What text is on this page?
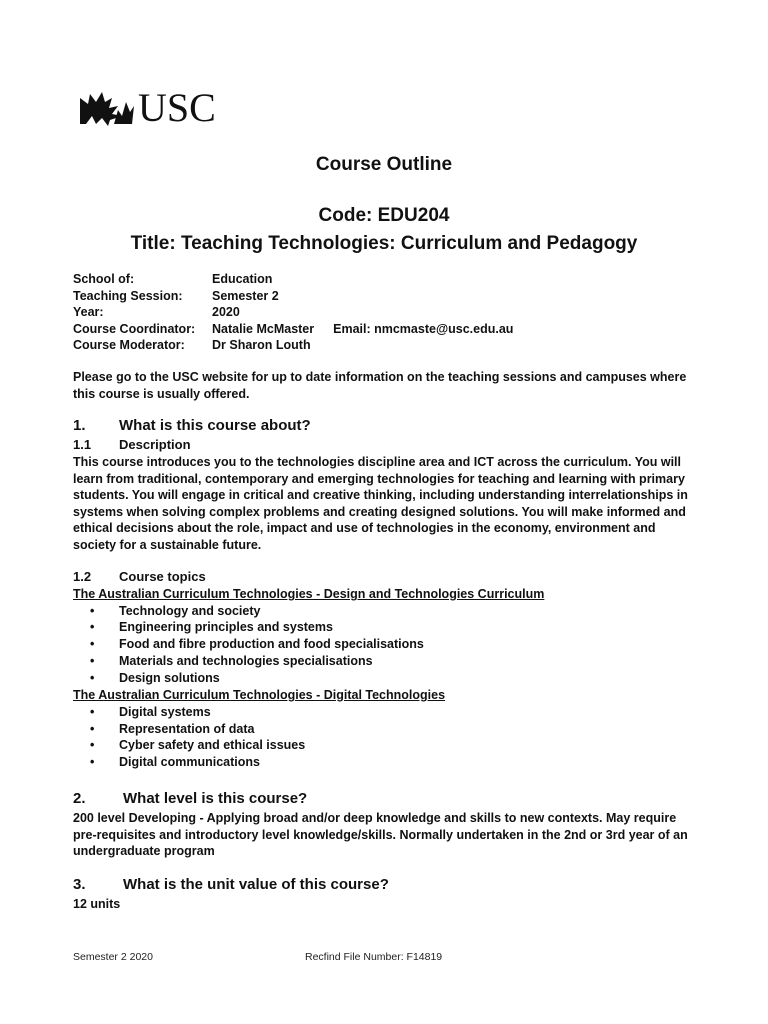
USC
Course Outline
Code: EDU204
Title: Teaching Technologies: Curriculum and Pedagogy
School of:	Education
Teaching Session: Semester 2
Year:	2020
Course Coordinator: Natalie McMaster Email: nmcmaste@usc.edu.au
Course Moderator: Dr Sharon Louth
Please go to the USC website for up to date information on the teaching sessions and campuses where this course is usually offered.
1. What is this course about?
1.1 Description
This course introduces you to the technologies discipline area and ICT across the curriculum. You will learn from traditional, contemporary and emerging technologies for teaching and learning with primary students. You will engage in critical and creative thinking, including understanding interrelationships in systems when solving complex problems and creating designed solutions. You will make informed and ethical decisions about the role, impact and use of technologies in the economy, environment and society for a sustainable future.
1.2 Course topics
The Australian Curriculum Technologies - Design and Technologies Curriculum
• Technology and society
• Engineering principles and systems
• Food and fibre production and food specialisations
• Materials and technologies specialisations
• Design solutions
The Australian Curriculum Technologies - Digital Technologies
• Digital systems
• Representation of data
• Cyber safety and ethical issues
• Digital communications
2. What level is this course?
200 level Developing - Applying broad and/or deep knowledge and skills to new contexts. May require pre-requisites and introductory level knowledge/skills. Normally undertaken in the 2nd or 3rd year of an undergraduate program
3. What is the unit value of this course?
12 units
Semester 2 2020	Recfind File Number: F14819
